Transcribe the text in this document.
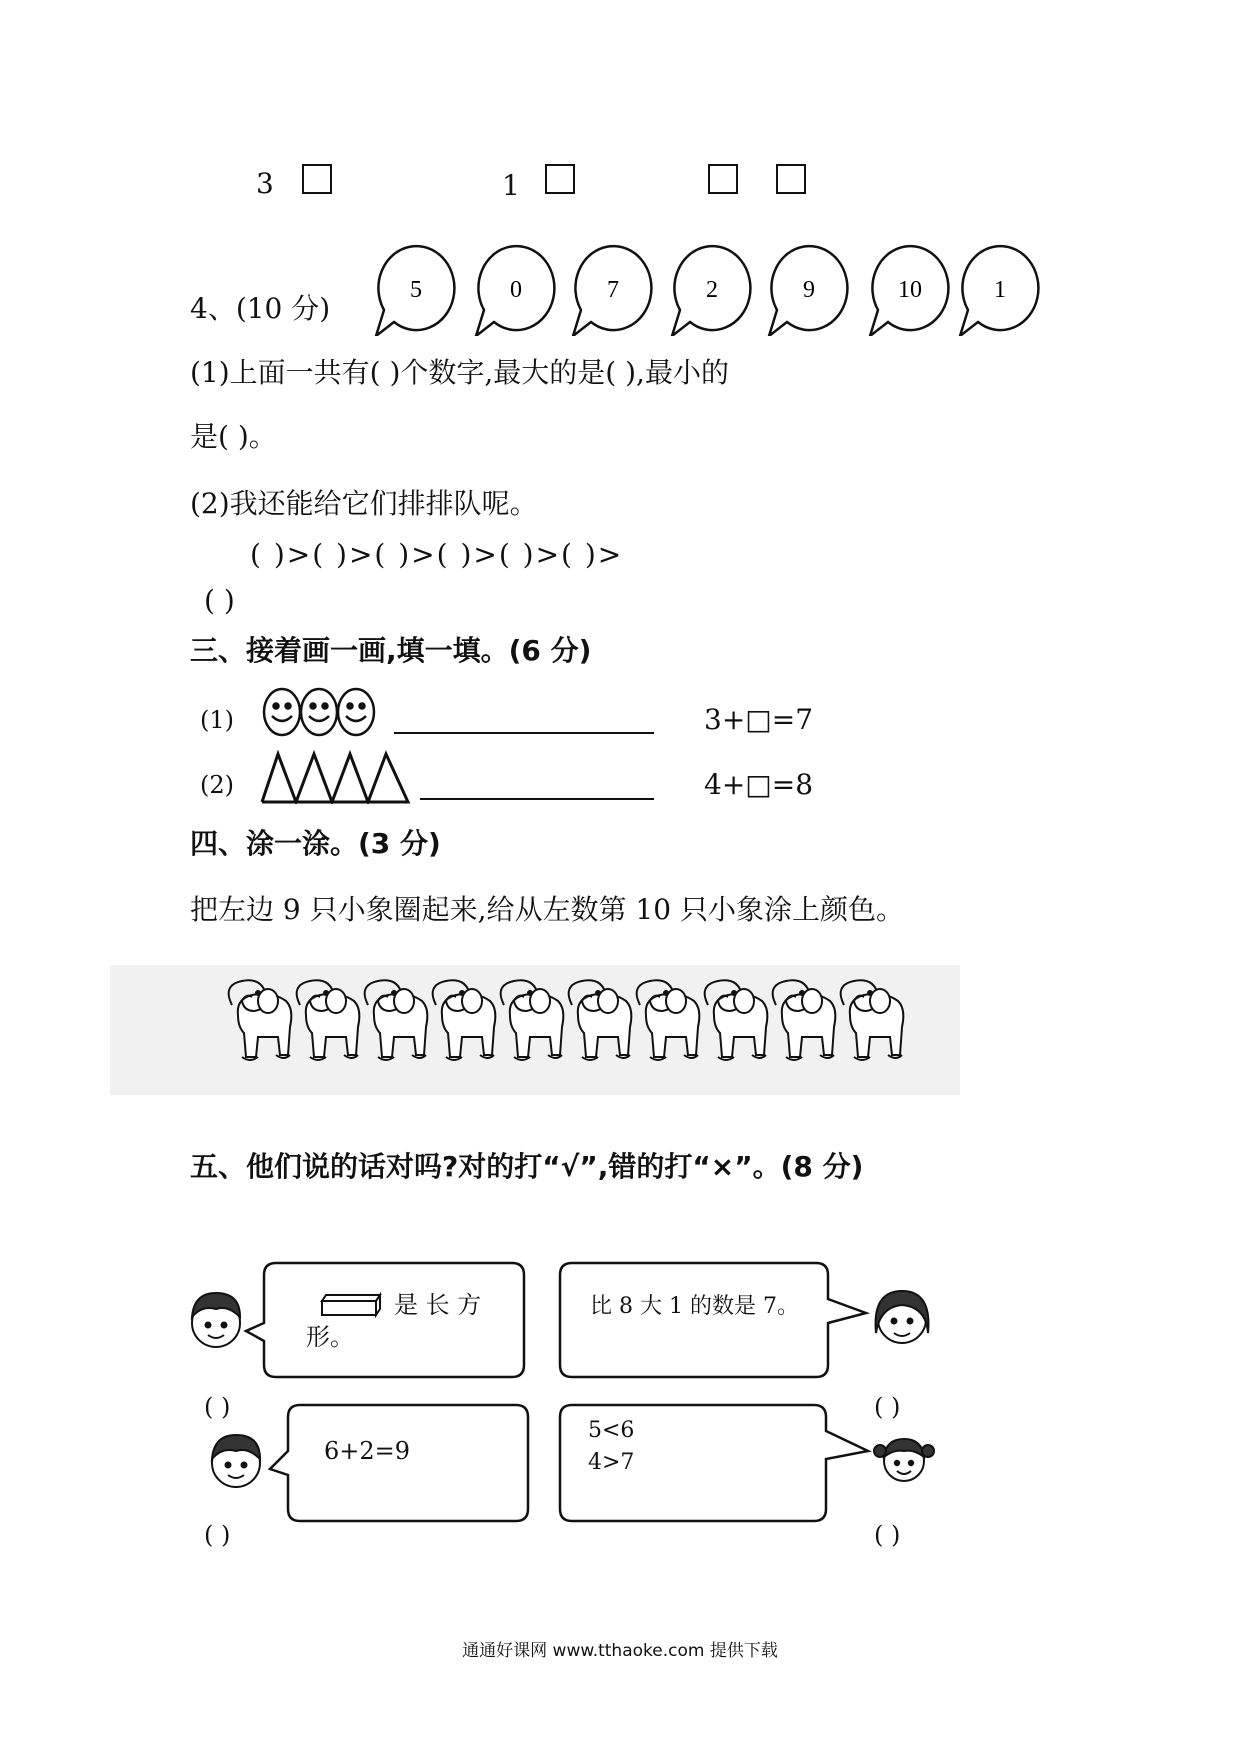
3	1
4、(10 分)
5	0	7	2	9	10	1
(1)上面一共有( )个数字,最大的是( ),最小的
是( )。
(2)我还能给它们排排队呢。
( )>( )>( )>( )>( )>( )>
( )
三、接着画一画,填一填。(6 分)
(1)	3+□=7
(2)	4+□=8
四、涂一涂。(3 分)
把左边 9 只小象圈起来,给从左数第 10 只小象涂上颜色。
五、他们说的话对吗?对的打“√”,错的打“×”。(8 分)
是 长 方
形。
比 8 大 1 的数是 7。
6+2=9
5<6
4>7
( )	( )
( )	( )
通通好课网 www.tthaoke.com 提供下载
